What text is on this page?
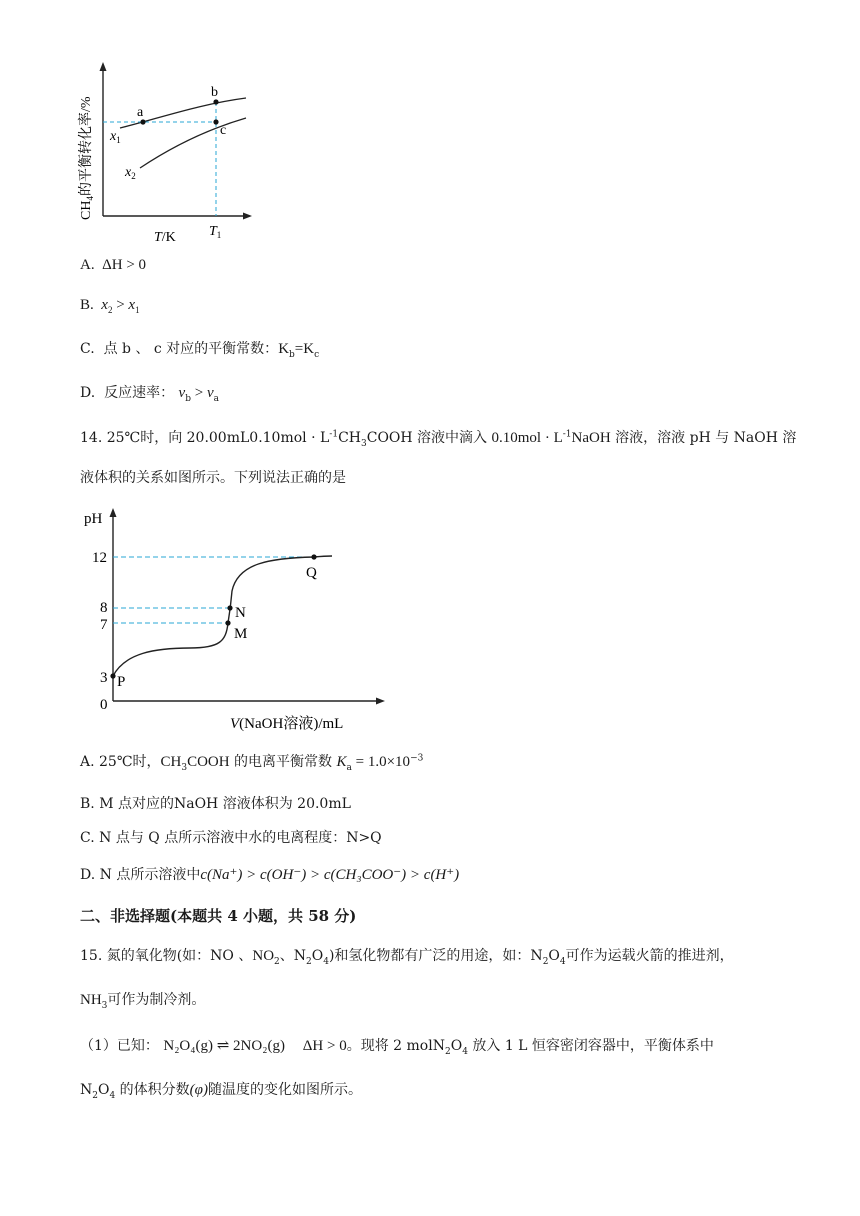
a
b
c
$x_1$
$x_2$
T/K $T_1$
$CH_4$的平衡转化率/%
A. ΔH > 0
B. $x_2 > x_1$
C. 点 b 、 c 对应的平衡常数：$K_b=K_c$
D. 反应速率： $v_b > v_a$
14. 25℃时，向 $20.00mL0.10mol \cdot L^{-1}CH_3COOH$ 溶液中滴入 $0.10mol \cdot L^{-1}NaOH$ 溶液，溶液 pH 与 NaOH 溶
液体积的关系如图所示。下列说法正确的是
pH
12
8
7
3
0
P
M
N
Q
V(NaOH溶液)/mL
A. 25℃时，$CH_3COOH$ 的电离平衡常数 $K_a = 1.0\times 10^{-3}$
B. M 点对应的NaOH 溶液体积为 20.0mL
C. N 点与 Q 点所示溶液中水的电离程度：N>Q
D. N 点所示溶液中c(Na⁺) > c(OH⁻) > c(CH₃COO⁻) > c(H⁺)
二、非选择题(本题共 4 小题，共 58 分)
15. 氮的氧化物(如：NO 、$NO_2$、$N_2O_4$)和氢化物都有广泛的用途，如：$N_2O_4$可作为运载火箭的推进剂，
$NH_3$可作为制冷剂。
（1）已知： N₂O₄(g) ⇌ 2NO₂(g) ΔH > 0。现将 2 $molN_2O_4$ 放入 1 L 恒容密闭容器中，平衡体系中
$N_2O_4$ 的体积分数(φ)随温度的变化如图所示。
